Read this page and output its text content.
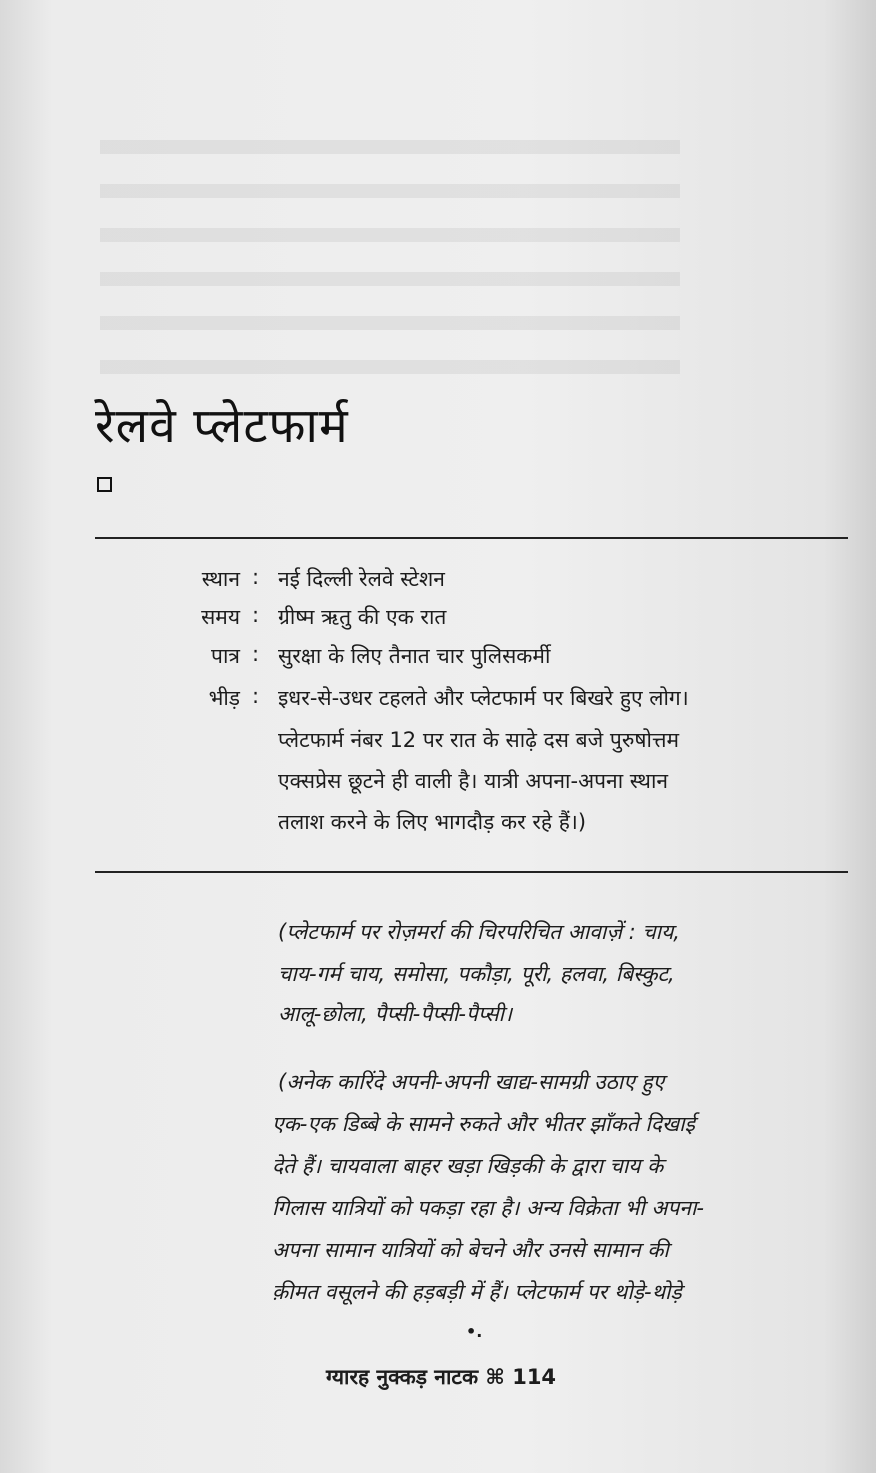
रेलवे प्लेटफार्म
स्थान : नई दिल्ली रेलवे स्टेशन
समय : ग्रीष्म ऋतु की एक रात
पात्र : सुरक्षा के लिए तैनात चार पुलिसकर्मी
भीड़ : इधर-से-उधर टहलते और प्लेटफार्म पर बिखरे हुए लोग।
प्लेटफार्म नंबर 12 पर रात के साढ़े दस बजे पुरुषोत्तम
एक्सप्रेस छूटने ही वाली है। यात्री अपना-अपना स्थान
तलाश करने के लिए भागदौड़ कर रहे हैं।)
(प्लेटफार्म पर रोज़मर्रा की चिरपरिचित आवाज़ें : चाय,
चाय-गर्म चाय, समोसा, पकौड़ा, पूरी, हलवा, बिस्कुट,
आलू-छोला, पैप्सी-पैप्सी-पैप्सी।
(अनेक कारिंदे अपनी-अपनी खाद्य-सामग्री उठाए हुए
एक-एक डिब्बे के सामने रुकते और भीतर झाँकते दिखाई
देते हैं। चायवाला बाहर खड़ा खिड़की के द्वारा चाय के
गिलास यात्रियों को पकड़ा रहा है। अन्य विक्रेता भी अपना-
अपना सामान यात्रियों को बेचने और उनसे सामान की
क़ीमत वसूलने की हड़बड़ी में हैं। प्लेटफार्म पर थोड़े-थोड़े
•.
ग्यारह नुक्कड़ नाटक ⌘ 114
